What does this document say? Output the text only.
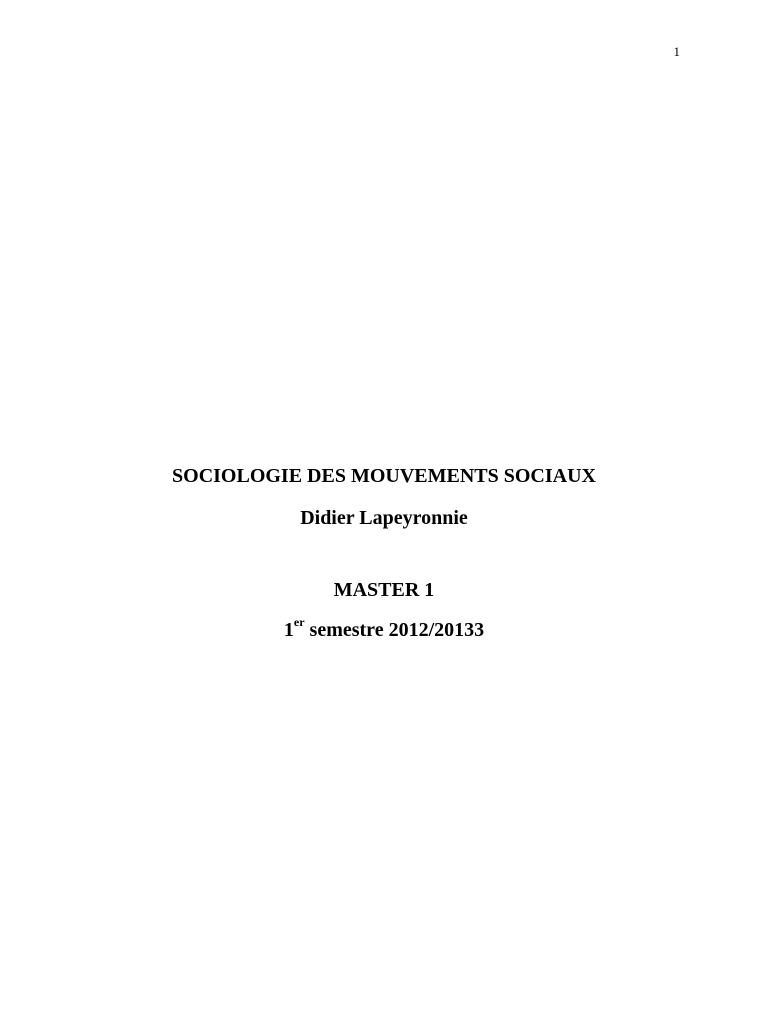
1
SOCIOLOGIE DES MOUVEMENTS SOCIAUX
Didier Lapeyronnie
MASTER 1
1er semestre 2012/20133
